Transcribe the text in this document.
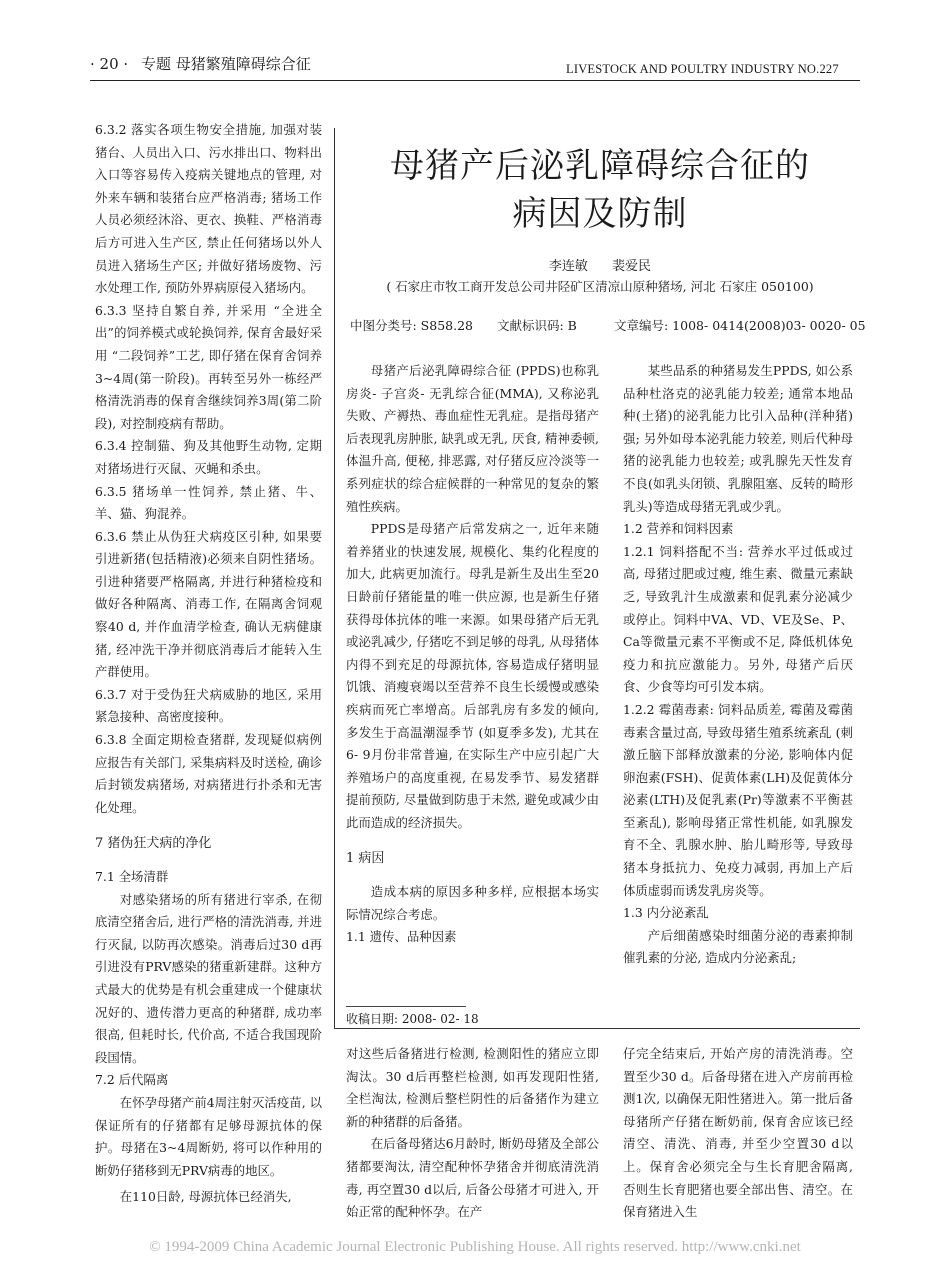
· 20 · 专题 母猪繁殖障碍综合征	LIVESTOCK AND POULTRY INDUSTRY NO.227

6.3.2 落实各项生物安全措施, 加强对装猪台、人员出入口、污水排出口、物料出入口等容易传入疫病关键地点的管理, 对外来车辆和装猪台应严格消毒; 猪场工作人员必须经沐浴、更衣、换鞋、严格消毒后方可进入生产区, 禁止任何猪场以外人员进入猪场生产区; 并做好猪场废物、污水处理工作, 预防外界病原侵入猪场内。

6.3.3 坚持自繁自养, 并采用 “全进全出”的饲养模式或轮换饲养, 保育舍最好采用 “二段饲养”工艺, 即仔猪在保育舍饲养3~4周(第一阶段)。再转至另外一栋经严格清洗消毒的保育舍继续饲养3周(第二阶段), 对控制疫病有帮助。

6.3.4 控制猫、狗及其他野生动物, 定期对猪场进行灭鼠、灭蝇和杀虫。

6.3.5 猪场单一性饲养, 禁止猪、牛、羊、猫、狗混养。

6.3.6 禁止从伪狂犬病疫区引种, 如果要引进新猪(包括精液)必须来自阴性猪场。引进种猪要严格隔离, 并进行种猪检疫和做好各种隔离、消毒工作, 在隔离舍饲观察40 d, 并作血清学检查, 确认无病健康猪, 经冲洗干净并彻底消毒后才能转入生产群使用。

6.3.7 对于受伪狂犬病威胁的地区, 采用紧急接种、高密度接种。

6.3.8 全面定期检查猪群, 发现疑似病例应报告有关部门, 采集病料及时送检, 确诊后封锁发病猪场, 对病猪进行扑杀和无害化处理。

7 猪伪狂犬病的净化

7.1 全场清群

对感染猪场的所有猪进行宰杀, 在彻底清空猪舍后, 进行严格的清洗消毒, 并进行灭鼠, 以防再次感染。消毒后过30 d再引进没有PRV感染的猪重新建群。这种方式最大的优势是有机会重建成一个健康状况好的、遗传潜力更高的种猪群, 成功率很高, 但耗时长, 代价高, 不适合我国现阶段国情。

7.2 后代隔离

在怀孕母猪产前4周注射灭活疫苗, 以保证所有的仔猪都有足够母源抗体的保护。母猪在3~4周断奶, 将可以作种用的断奶仔猪移到无PRV病毒的地区。

在110日龄, 母源抗体已经消失,

母猪产后泌乳障碍综合征的
病因及防制
李连敏 裴爱民
( 石家庄市牧工商开发总公司井陉矿区清凉山原种猪场, 河北 石家庄 050100)
中图分类号: S858.28 文献标识码: B	文章编号: 1008- 0414(2008)03- 0020- 05

母猪产后泌乳障碍综合征 (PPDS)也称乳房炎- 子宫炎- 无乳综合征(MMA), 又称泌乳失败、产褥热、毒血症性无乳症。是指母猪产后表现乳房肿胀, 缺乳或无乳, 厌食, 精神委顿, 体温升高, 便秘, 排恶露, 对仔猪反应冷淡等一系列症状的综合症候群的一种常见的复杂的繁殖性疾病。

PPDS是母猪产后常发病之一, 近年来随着养猪业的快速发展, 规模化、集约化程度的加大, 此病更加流行。母乳是新生及出生至20日龄前仔猪能量的唯一供应源, 也是新生仔猪获得母体抗体的唯一来源。如果母猪产后无乳或泌乳减少, 仔猪吃不到足够的母乳, 从母猪体内得不到充足的母源抗体, 容易造成仔猪明显饥饿、消瘦衰竭以至营养不良生长缓慢或感染疾病而死亡率增高。后部乳房有多发的倾向, 多发生于高温潮湿季节 (如夏季多发), 尤其在6- 9月份非常普遍, 在实际生产中应引起广大养殖场户的高度重视, 在易发季节、易发猪群提前预防, 尽量做到防患于未然, 避免或减少由此而造成的经济损失。

1 病因

造成本病的原因多种多样, 应根据本场实际情况综合考虑。

1.1 遗传、品种因素

收稿日期: 2008- 02- 18

某些品系的种猪易发生PPDS, 如公系品种杜洛克的泌乳能力较差; 通常本地品种(土猪)的泌乳能力比引入品种(洋种猪)强; 另外如母本泌乳能力较差, 则后代种母猪的泌乳能力也较差; 或乳腺先天性发育不良(如乳头闭锁、乳腺阻塞、反转的畸形乳头)等造成母猪无乳或少乳。

1.2 营养和饲料因素

1.2.1 饲料搭配不当: 营养水平过低或过高, 母猪过肥或过瘦, 维生素、微量元素缺乏, 导致乳汁生成激素和促乳素分泌减少或停止。饲料中VA、VD、VE及Se、P、Ca等微量元素不平衡或不足, 降低机体免疫力和抗应激能力。另外, 母猪产后厌食、少食等均可引发本病。

1.2.2 霉菌毒素: 饲料品质差, 霉菌及霉菌毒素含量过高, 导致母猪生殖系统紊乱 (刺激丘脑下部释放激素的分泌, 影响体内促卵泡素(FSH)、促黄体素(LH)及促黄体分泌素(LTH)及促乳素(Pr)等激素不平衡甚至紊乱), 影响母猪正常性机能, 如乳腺发育不全、乳腺水肿、胎儿畸形等, 导致母猪本身抵抗力、免疫力减弱, 再加上产后体质虚弱而诱发乳房炎等。

1.3 内分泌紊乱

产后细菌感染时细菌分泌的毒素抑制催乳素的分泌, 造成内分泌紊乱;

对这些后备猪进行检测, 检测阳性的猪应立即淘汰。30 d后再整栏检测, 如再发现阳性猪, 全栏淘汰, 检测后整栏阴性的后备猪作为建立新的种猪群的后备猪。

在后备母猪达6月龄时, 断奶母猪及全部公猪都要淘汰, 清空配种怀孕猪舍并彻底清洗消毒, 再空置30 d以后, 后备公母猪才可进入, 开始正常的配种怀孕。在产

仔完全结束后, 开始产房的清洗消毒。空置至少30 d。后备母猪在进入产房前再检测1次, 以确保无阳性猪进入。第一批后备母猪所产仔猪在断奶前, 保育舍应该已经清空、清洗、消毒, 并至少空置30 d以上。保育舍必须完全与生长育肥舍隔离, 否则生长育肥猪也要全部出售、清空。在保育猪进入生

© 1994-2009 China Academic Journal Electronic Publishing House. All rights reserved. http://www.cnki.net
